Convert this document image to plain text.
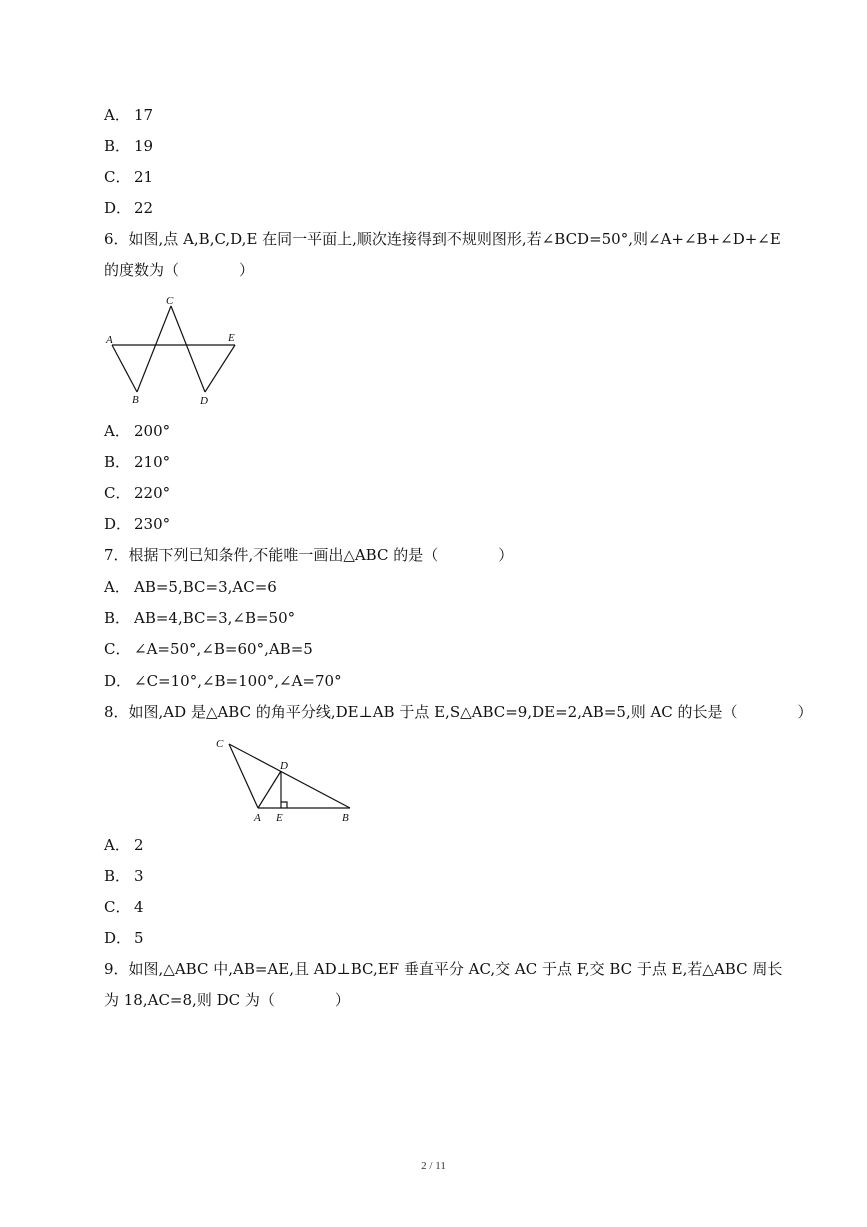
A． 17
B． 19
C． 21
D． 22
6．如图,点 A,B,C,D,E 在同一平面上,顺次连接得到不规则图形,若∠BCD=50°,则∠A+∠B+∠D+∠E
的度数为（　　　　）
A
B
C
D
E
A． 200°
B． 210°
C． 220°
D． 230°
7．根据下列已知条件,不能唯一画出△ABC 的是（　　　　）
A． AB=5,BC=3,AC=6
B． AB=4,BC=3,∠B=50°
C． ∠A=50°,∠B=60°,AB=5
D． ∠C=10°,∠B=100°,∠A=70°
8．如图,AD 是△ABC 的角平分线,DE⊥AB 于点 E,S△ABC=9,DE=2,AB=5,则 AC 的长是（　　　　）
C
D
A E	B
A． 2
B． 3
C． 4
D． 5
9．如图,△ABC 中,AB=AE,且 AD⊥BC,EF 垂直平分 AC,交 AC 于点 F,交 BC 于点 E,若△ABC 周长
为 18,AC=8,则 DC 为（　　　　）
2 / 11
